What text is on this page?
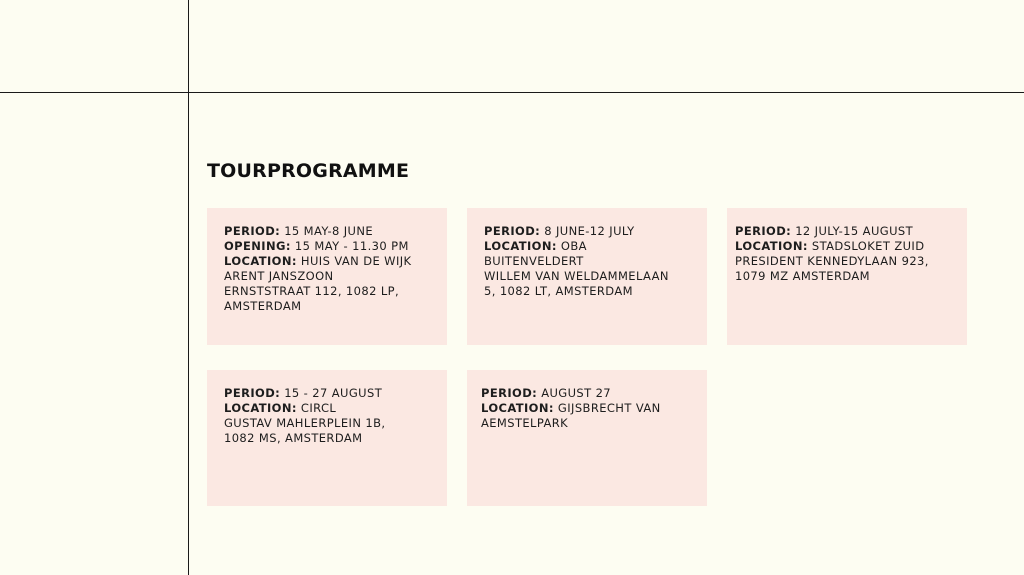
TOURPROGRAMME
PERIOD: 15 MAY-8 JUNE
OPENING: 15 MAY - 11.30 PM
LOCATION: HUIS VAN DE WIJK
ARENT JANSZOON
ERNSTSTRAAT 112, 1082 LP,
AMSTERDAM
PERIOD: 8 JUNE-12 JULY
LOCATION: OBA
BUITENVELDERT
WILLEM VAN WELDAMMELAAN
5, 1082 LT, AMSTERDAM
PERIOD: 12 JULY-15 AUGUST
LOCATION: STADSLOKET ZUID
PRESIDENT KENNEDYLAAN 923,
1079 MZ AMSTERDAM
PERIOD: 15 - 27 AUGUST
LOCATION: CIRCL
GUSTAV MAHLERPLEIN 1B,
1082 MS, AMSTERDAM
PERIOD: AUGUST 27
LOCATION: GIJSBRECHT VAN
AEMSTELPARK
